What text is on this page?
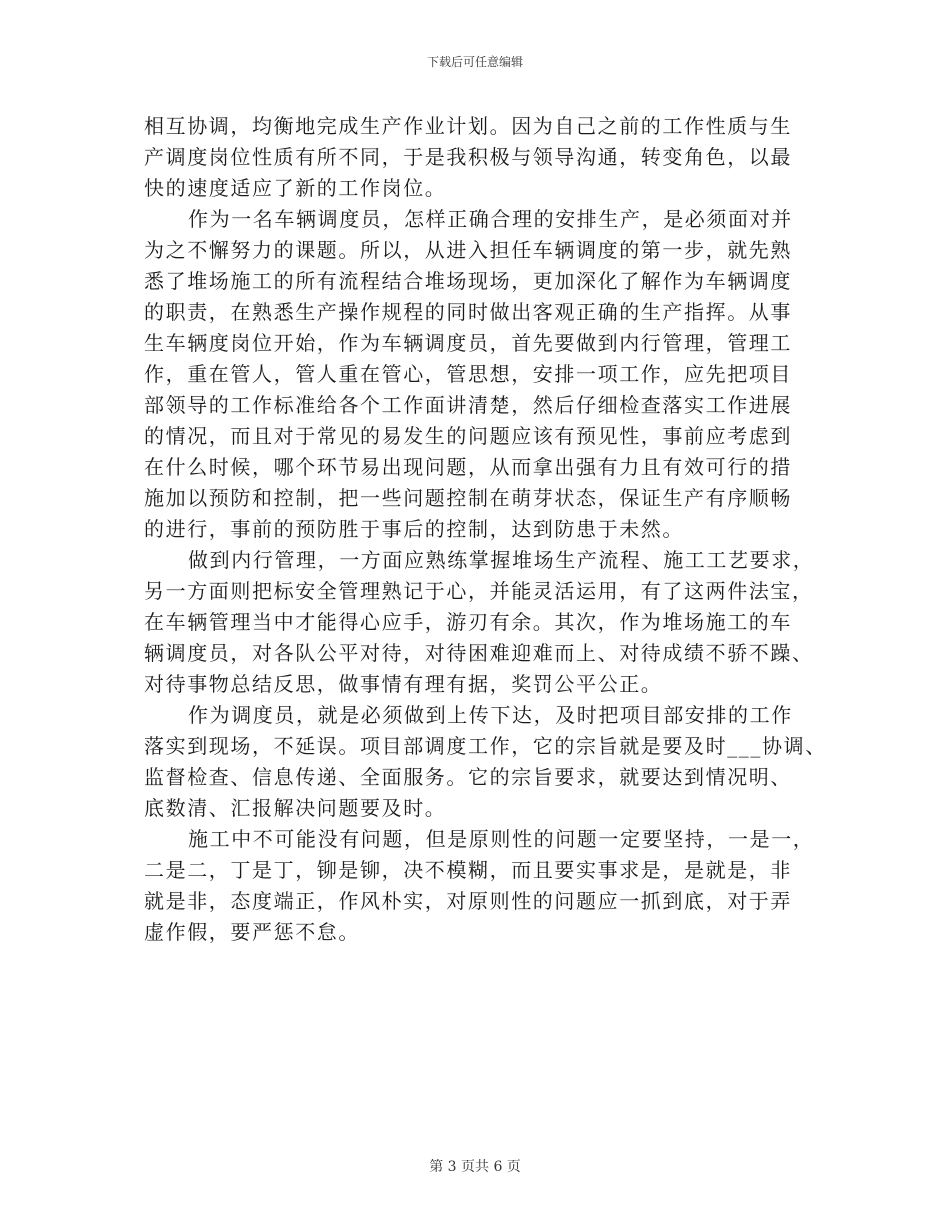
下载后可任意编辑

相互协调，均衡地完成生产作业计划。因为自己之前的工作性质与生
产调度岗位性质有所不同，于是我积极与领导沟通，转变角色，以最
快的速度适应了新的工作岗位。

作为一名车辆调度员，怎样正确合理的安排生产，是必须面对并
为之不懈努力的课题。所以，从进入担任车辆调度的第一步，就先熟
悉了堆场施工的所有流程结合堆场现场，更加深化了解作为车辆调度
的职责，在熟悉生产操作规程的同时做出客观正确的生产指挥。从事
生车辆度岗位开始，作为车辆调度员，首先要做到内行管理，管理工
作，重在管人，管人重在管心，管思想，安排一项工作，应先把项目
部领导的工作标准给各个工作面讲清楚，然后仔细检查落实工作进展
的情况，而且对于常见的易发生的问题应该有预见性，事前应考虑到
在什么时候，哪个环节易出现问题，从而拿出强有力且有效可行的措
施加以预防和控制，把一些问题控制在萌芽状态，保证生产有序顺畅
的进行，事前的预防胜于事后的控制，达到防患于未然。

做到内行管理，一方面应熟练掌握堆场生产流程、施工工艺要求，
另一方面则把标安全管理熟记于心，并能灵活运用，有了这两件法宝，
在车辆管理当中才能得心应手，游刃有余。其次，作为堆场施工的车
辆调度员，对各队公平对待，对待困难迎难而上、对待成绩不骄不躁、
对待事物总结反思，做事情有理有据，奖罚公平公正。

作为调度员，就是必须做到上传下达，及时把项目部安排的工作
落实到现场，不延误。项目部调度工作，它的宗旨就是要及时___协调、
监督检查、信息传递、全面服务。它的宗旨要求，就要达到情况明、
底数清、汇报解决问题要及时。

施工中不可能没有问题，但是原则性的问题一定要坚持，一是一，
二是二，丁是丁，铆是铆，决不模糊，而且要实事求是，是就是，非
就是非，态度端正，作风朴实，对原则性的问题应一抓到底，对于弄
虚作假，要严惩不怠。

第 3 页共 6 页
